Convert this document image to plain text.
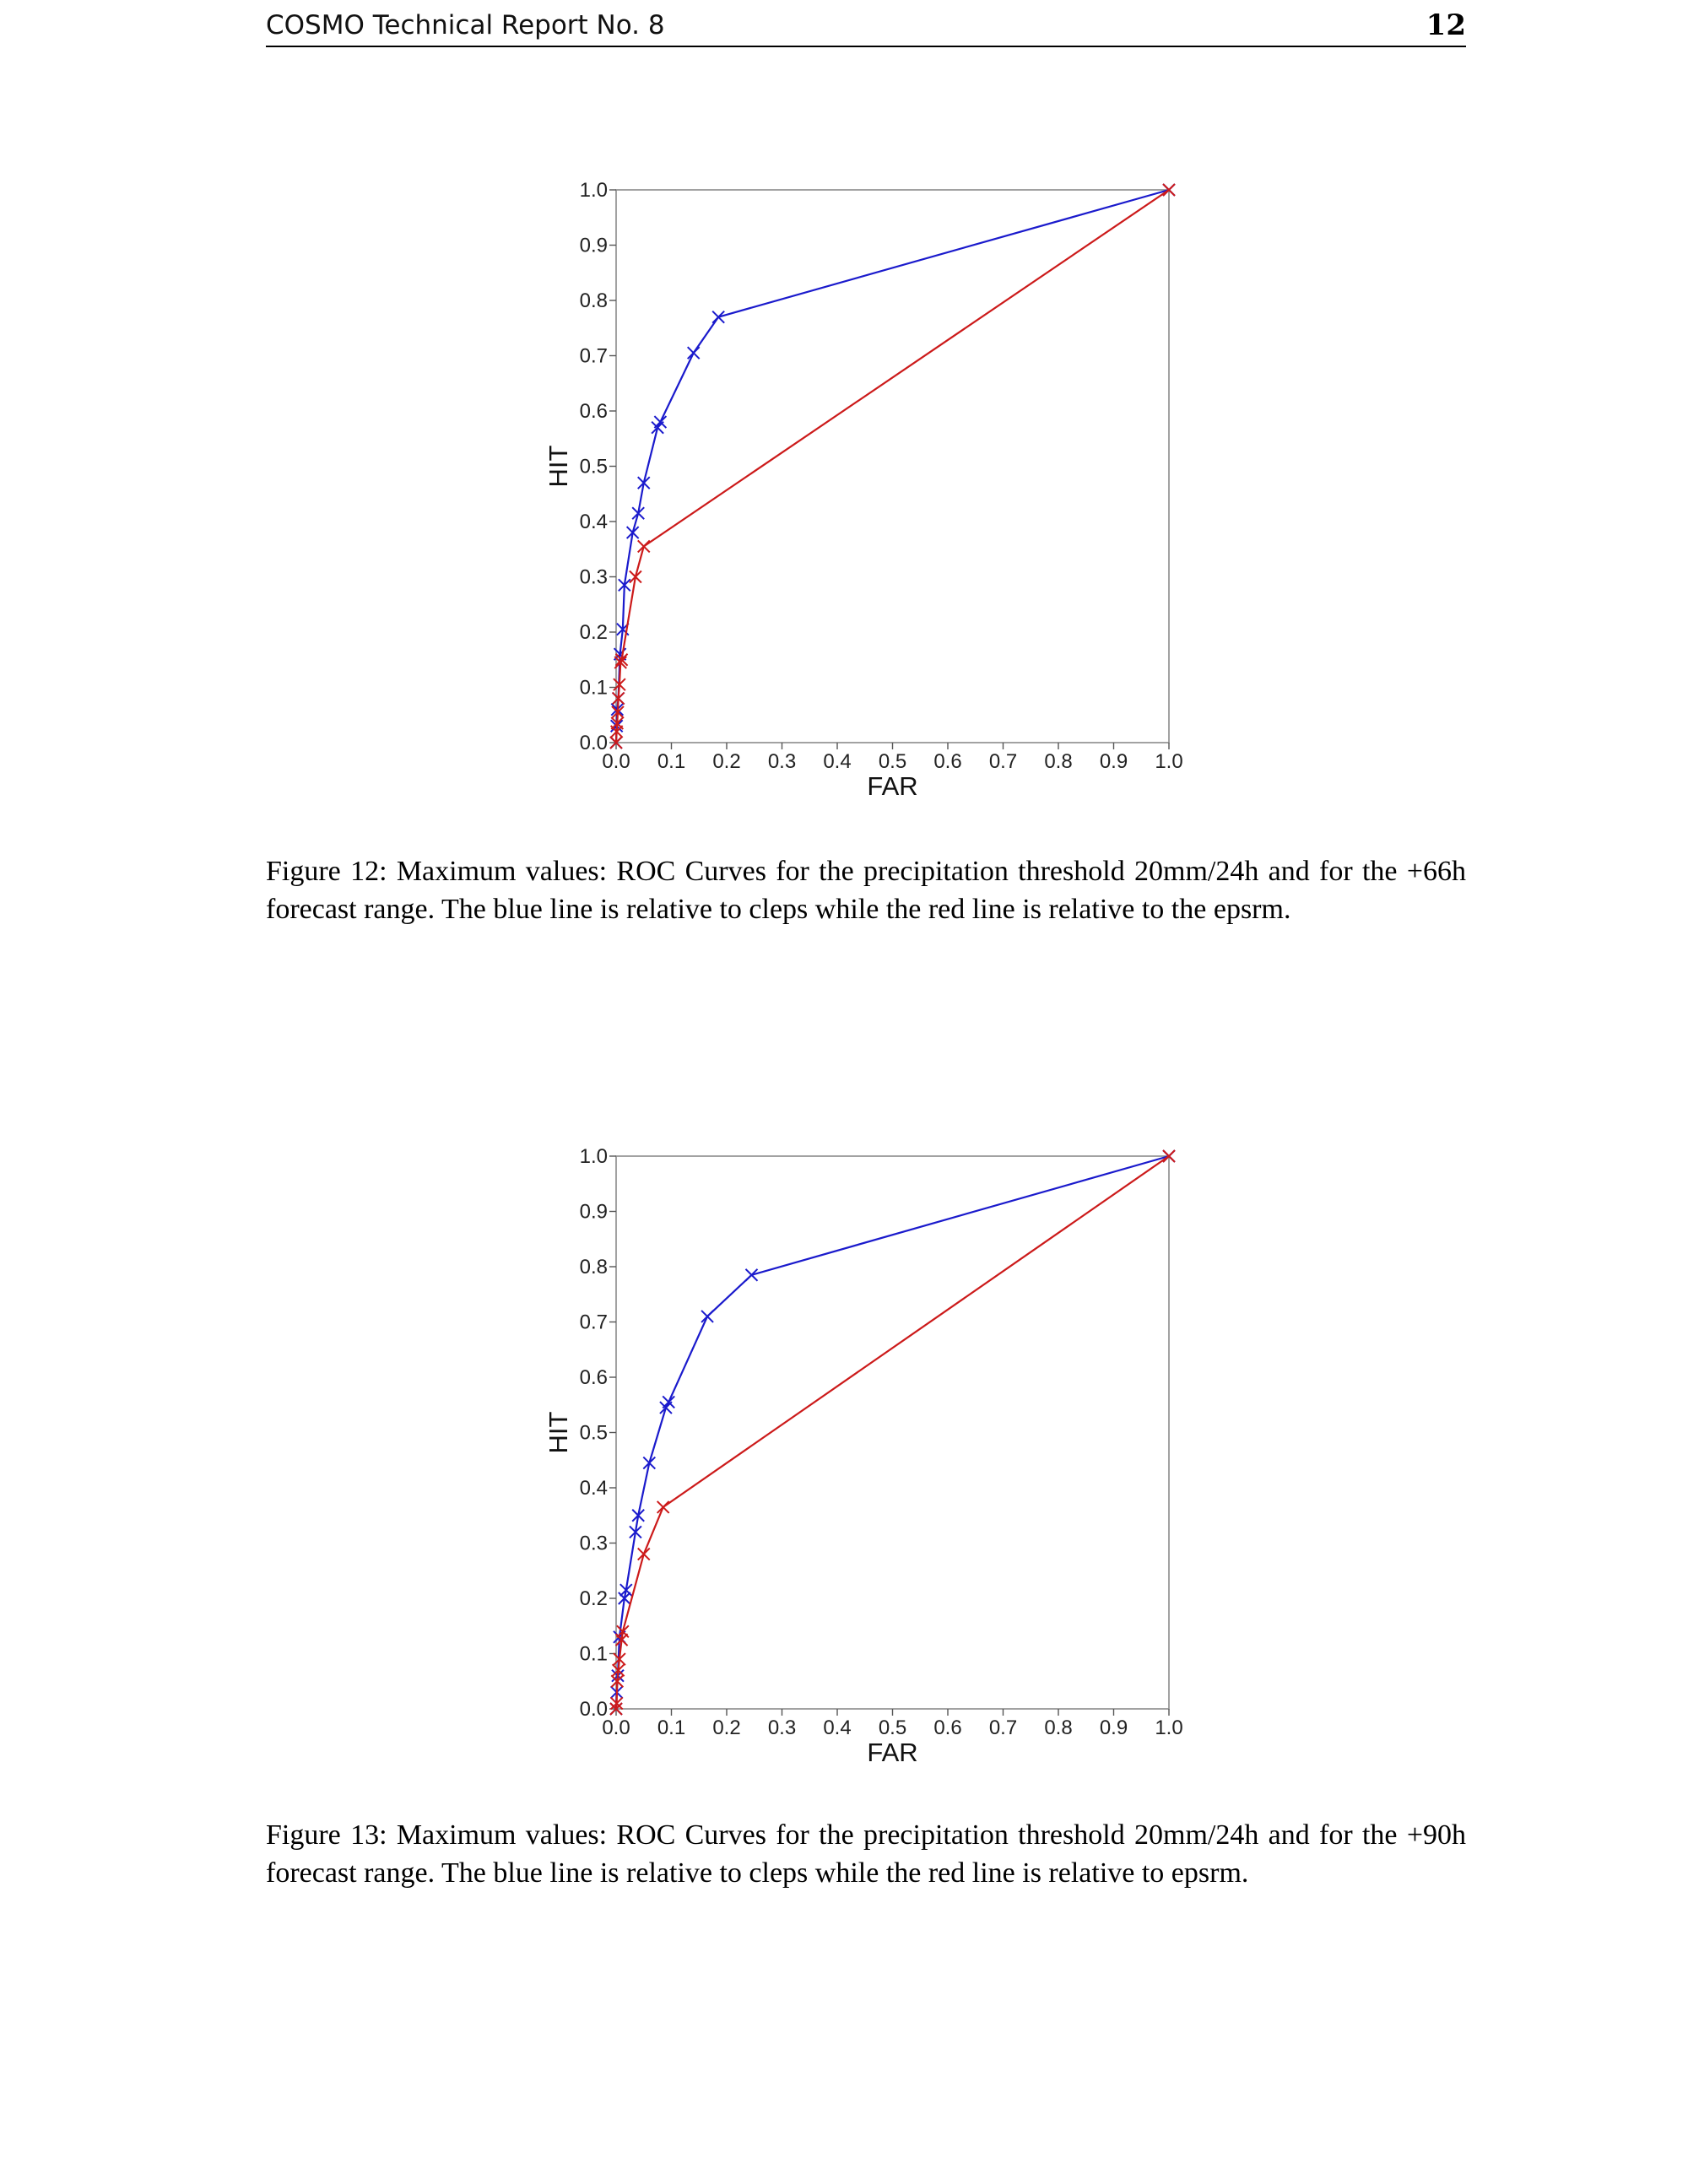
COSMO Technical Report No. 8	12
0.0
0.1
0.2
0.3
0.4
0.5
0.6
0.7
0.8
0.9
1.0
0.0 0.1 0.2 0.3 0.4 0.5 0.6 0.7 0.8 0.9 1.0
FAR
HIT

Figure 12: Maximum values: ROC Curves for the precipitation threshold 20mm/24h and for the +66h forecast range. The blue line is relative to cleps while the red line is relative to the epsrm.

0.0
0.1
0.2
0.3
0.4
0.5
0.6
0.7
0.8
0.9
1.0
0.0 0.1 0.2 0.3 0.4 0.5 0.6 0.7 0.8 0.9 1.0
FAR
HIT

Figure 13: Maximum values: ROC Curves for the precipitation threshold 20mm/24h and for the +90h forecast range. The blue line is relative to cleps while the red line is relative to epsrm.
